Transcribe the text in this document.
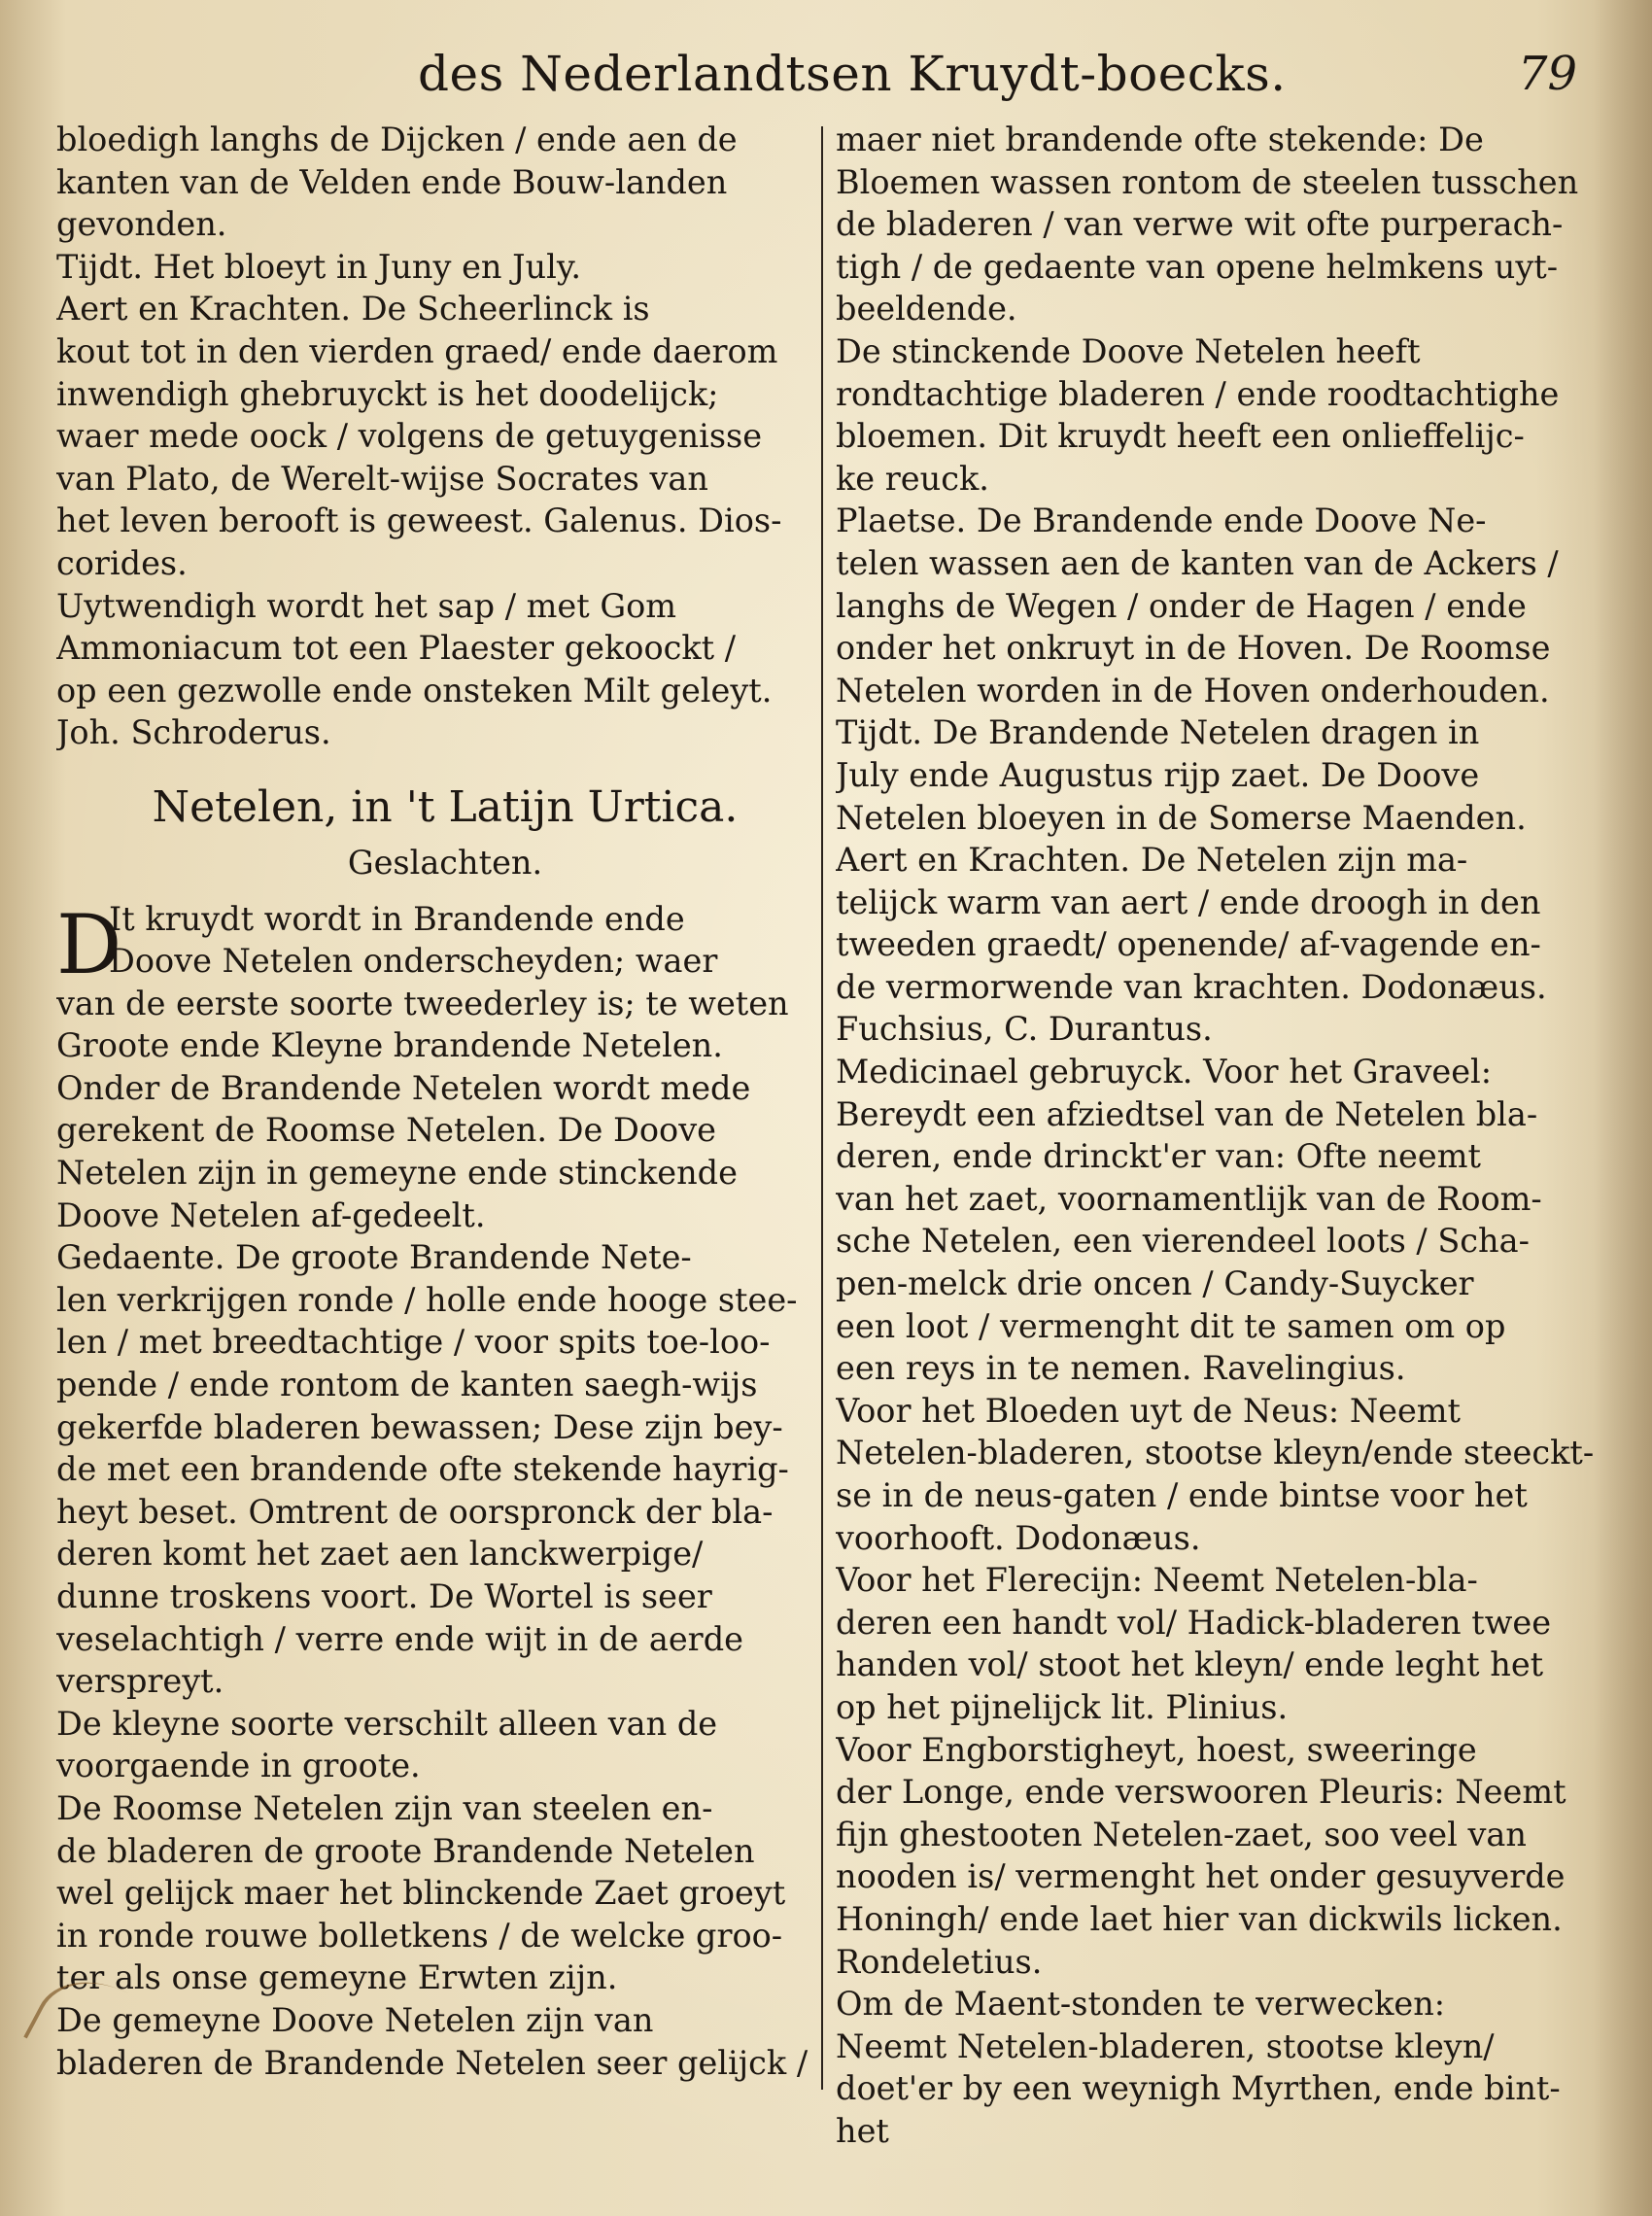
des Nederlandtsen Kruydt-boecks.	79
bloedigh langhs de Dijcken / ende aen de
kanten van de Velden ende Bouw-landen
gevonden.
Tijdt. Het bloeyt in Juny en July.
Aert en Krachten. De Scheerlinck is
kout tot in den vierden graed/ ende daerom
inwendigh ghebruyckt is het doodelijck;
waer mede oock / volgens de getuygenisse
van Plato, de Werelt-wijse Socrates van
het leven berooft is geweest. Galenus. Dios-
corides.
Uytwendigh wordt het sap / met Gom
Ammoniacum tot een Plaester gekoockt /
op een gezwolle ende onsteken Milt geleyt.
Joh. Schroderus.
Netelen, in 't Latijn Urtica.
Geslachten.
D
It kruydt wordt in Brandende ende
Doove Netelen onderscheyden; waer
van de eerste soorte tweederley is; te weten
Groote ende Kleyne brandende Netelen.
Onder de Brandende Netelen wordt mede
gerekent de Roomse Netelen. De Doove
Netelen zijn in gemeyne ende stinckende
Doove Netelen af-gedeelt.
Gedaente. De groote Brandende Nete-
len verkrijgen ronde / holle ende hooge stee-
len / met breedtachtige / voor spits toe-loo-
pende / ende rontom de kanten saegh-wijs
gekerfde bladeren bewassen; Dese zijn bey-
de met een brandende ofte stekende hayrig-
heyt beset. Omtrent de oorspronck der bla-
deren komt het zaet aen lanckwerpige/
dunne troskens voort. De Wortel is seer
veselachtigh / verre ende wijt in de aerde
verspreyt.
De kleyne soorte verschilt alleen van de
voorgaende in groote.
De Roomse Netelen zijn van steelen en-
de bladeren de groote Brandende Netelen
wel gelijck maer het blinckende Zaet groeyt
in ronde rouwe bolletkens / de welcke groo-
ter als onse gemeyne Erwten zijn.
De gemeyne Doove Netelen zijn van
bladeren de Brandende Netelen seer gelijck /
maer niet brandende ofte stekende: De
Bloemen wassen rontom de steelen tusschen
de bladeren / van verwe wit ofte purperach-
tigh / de gedaente van opene helmkens uyt-
beeldende.
De stinckende Doove Netelen heeft
rondtachtige bladeren / ende roodtachtighe
bloemen. Dit kruydt heeft een onlieffelijc-
ke reuck.
Plaetse. De Brandende ende Doove Ne-
telen wassen aen de kanten van de Ackers /
langhs de Wegen / onder de Hagen / ende
onder het onkruyt in de Hoven. De Roomse
Netelen worden in de Hoven onderhouden.
Tijdt. De Brandende Netelen dragen in
July ende Augustus rijp zaet. De Doove
Netelen bloeyen in de Somerse Maenden.
Aert en Krachten. De Netelen zijn ma-
telijck warm van aert / ende droogh in den
tweeden graedt/ openende/ af-vagende en-
de vermorwende van krachten. Dodonæus.
Fuchsius, C. Durantus.
Medicinael gebruyck. Voor het Graveel:
Bereydt een afziedtsel van de Netelen bla-
deren, ende drinckt'er van: Ofte neemt
van het zaet, voornamentlijk van de Room-
sche Netelen, een vierendeel loots / Scha-
pen-melck drie oncen / Candy-Suycker
een loot / vermenght dit te samen om op
een reys in te nemen. Ravelingius.
Voor het Bloeden uyt de Neus: Neemt
Netelen-bladeren, stootse kleyn/ende steeckt-
se in de neus-gaten / ende bintse voor het
voorhooft. Dodonæus.
Voor het Flerecijn: Neemt Netelen-bla-
deren een handt vol/ Hadick-bladeren twee
handen vol/ stoot het kleyn/ ende leght het
op het pijnelijck lit. Plinius.
Voor Engborstigheyt, hoest, sweeringe
der Longe, ende verswooren Pleuris: Neemt
fijn ghestooten Netelen-zaet, soo veel van
nooden is/ vermenght het onder gesuyverde
Honingh/ ende laet hier van dickwils licken.
Rondeletius.
Om de Maent-stonden te verwecken:
Neemt Netelen-bladeren, stootse kleyn/
doet'er by een weynigh Myrthen, ende bint-
het
